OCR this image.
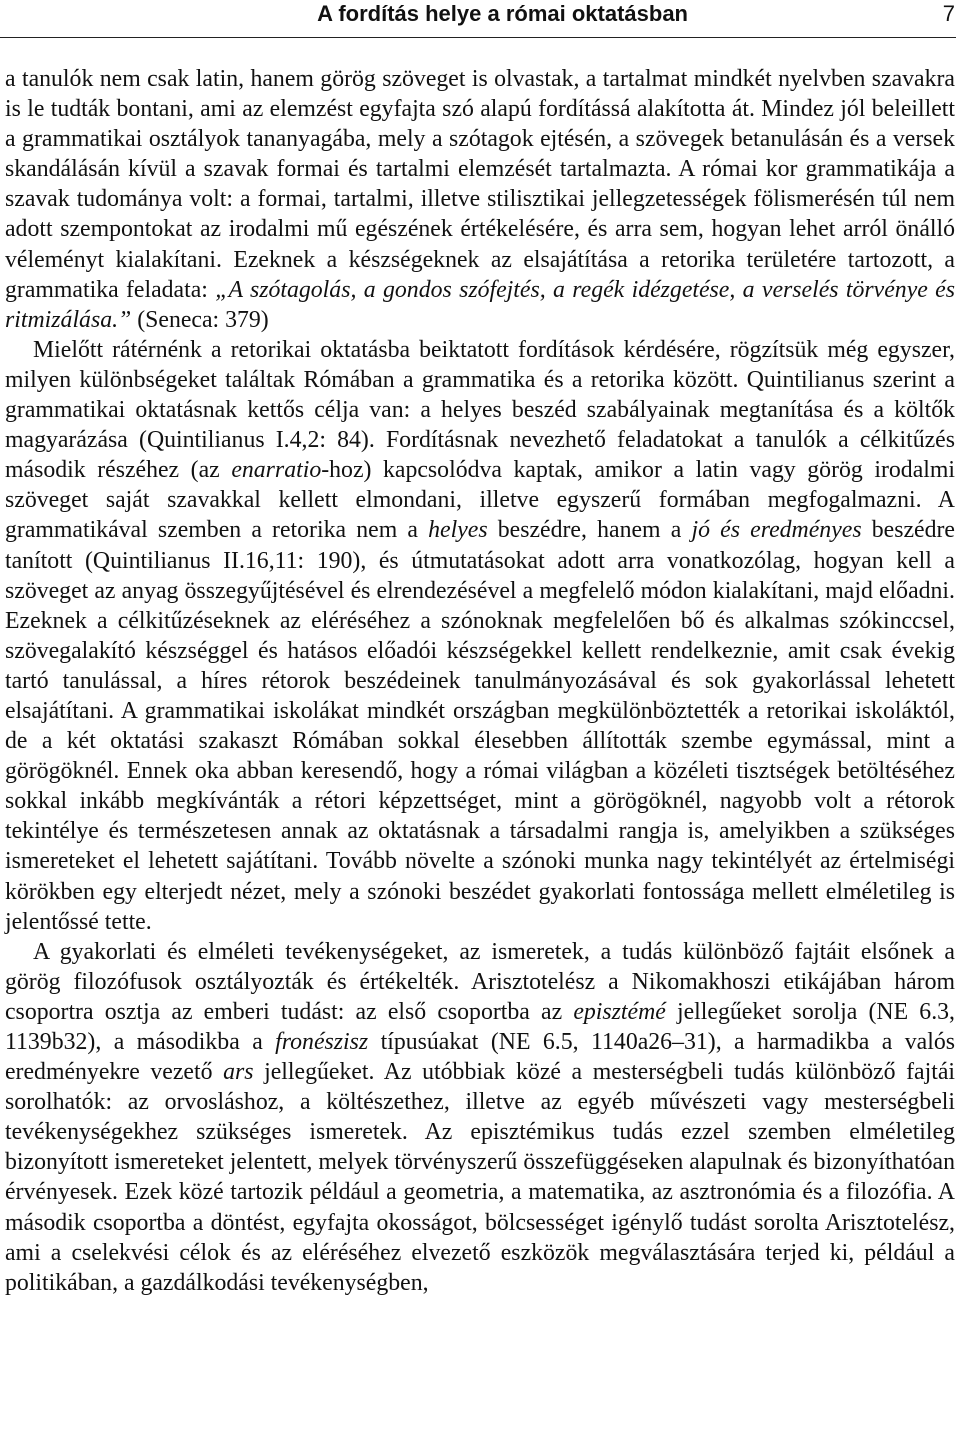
A fordítás helye a római oktatásban	7

a tanulók nem csak latin, hanem görög szöveget is olvastak, a tartalmat mindkét nyelvben szavakra is le tudták bontani, ami az elemzést egyfajta szó alapú fordítássá alakította át. Mindez jól beleillett a grammatikai osztályok tananyagába, mely a szótagok ejtésén, a szövegek betanulásán és a versek skandálásán kívül a szavak formai és tartalmi elemzését tartalmazta. A római kor grammatikája a szavak tudománya volt: a formai, tartalmi, illetve stilisztikai jellegzetességek fölismerésén túl nem adott szempontokat az irodalmi mű egészének értékelésére, és arra sem, hogyan lehet arról önálló véleményt kialakítani. Ezeknek a készségeknek az elsajátítása a retorika területére tartozott, a grammatika feladata: „A szótagolás, a gondos szófejtés, a regék idézgetése, a verselés törvénye és ritmizálása.” (Seneca: 379)

Mielőtt rátérnénk a retorikai oktatásba beiktatott fordítások kérdésére, rögzítsük még egyszer, milyen különbségeket találtak Rómában a grammatika és a retorika között. Quintilianus szerint a grammatikai oktatásnak kettős célja van: a helyes beszéd szabályainak megtanítása és a költők magyarázása (Quintilianus I.4,2: 84). Fordításnak nevezhető feladatokat a tanulók a célkitűzés második részéhez (az enarratio-hoz) kapcsolódva kaptak, amikor a latin vagy görög irodalmi szöveget saját szavakkal kellett elmondani, illetve egyszerű formában megfogalmazni. A grammatikával szemben a retorika nem a helyes beszédre, hanem a jó és eredményes beszédre tanított (Quintilianus II.16,11: 190), és útmutatásokat adott arra vonatkozólag, hogyan kell a szöveget az anyag összegyűjtésével és elrendezésével a megfelelő módon kialakítani, majd előadni. Ezeknek a célkitűzéseknek az eléréséhez a szónoknak megfelelően bő és alkalmas szókinccsel, szövegalakító készséggel és hatásos előadói készségekkel kellett rendelkeznie, amit csak évekig tartó tanulással, a híres rétorok beszédeinek tanulmányozásával és sok gyakorlással lehetett elsajátítani. A grammatikai iskolákat mindkét országban megkülönböztették a retorikai iskoláktól, de a két oktatási szakaszt Rómában sokkal élesebben állították szembe egymással, mint a görögöknél. Ennek oka abban keresendő, hogy a római világban a közéleti tisztségek betöltéséhez sokkal inkább megkívánták a rétori képzettséget, mint a görögöknél, nagyobb volt a rétorok tekintélye és természetesen annak az oktatásnak a társadalmi rangja is, amelyikben a szükséges ismereteket el lehetett sajátítani. Tovább növelte a szónoki munka nagy tekintélyét az értelmiségi körökben egy elterjedt nézet, mely a szónoki beszédet gyakorlati fontossága mellett elméletileg is jelentőssé tette.

A gyakorlati és elméleti tevékenységeket, az ismeretek, a tudás különböző fajtáit elsőnek a görög filozófusok osztályozták és értékelték. Arisztotelész a Nikomakhoszi etikájában három csoportra osztja az emberi tudást: az első csoportba az episztémé jellegűeket sorolja (NE 6.3, 1139b32), a másodikba a fronészisz típusúakat (NE 6.5, 1140a26–31), a harmadikba a valós eredményekre vezető ars jellegűeket. Az utóbbiak közé a mesterségbeli tudás különböző fajtái sorolhatók: az orvosláshoz, a költészethez, illetve az egyéb művészeti vagy mesterségbeli tevékenységekhez szükséges ismeretek. Az episztémikus tudás ezzel szemben elméletileg bizonyított ismereteket jelentett, melyek törvényszerű összefüggéseken alapulnak és bizonyíthatóan érvényesek. Ezek közé tartozik például a geometria, a matematika, az asztronómia és a filozófia. A második csoportba a döntést, egyfajta okosságot, bölcsességet igénylő tudást sorolta Arisztotelész, ami a cselekvési célok és az eléréséhez elvezető eszközök megválasztására terjed ki, például a politikában, a gazdálkodási tevékenységben,
